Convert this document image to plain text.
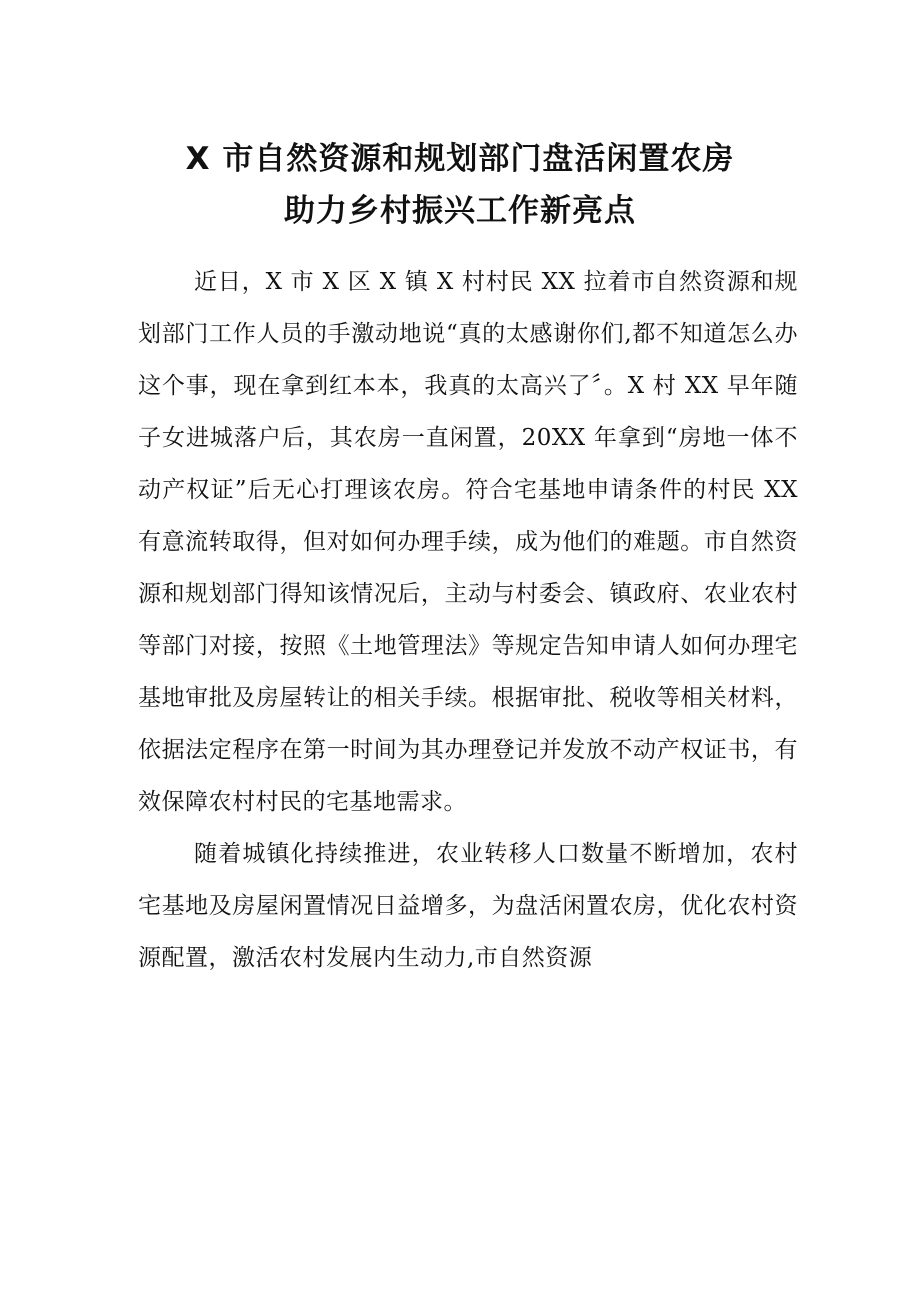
X 市自然资源和规划部门盘活闲置农房
助力乡村振兴工作新亮点

近日，X 市 X 区 X 镇 X 村村民 XX 拉着市自然资源和规划部门工作人员的手激动地说“真的太感谢你们,都不知道怎么办这个事，现在拿到红本本，我真的太高兴了〞。X 村 XX 早年随子女进城落户后，其农房一直闲置，20XX 年拿到“房地一体不动产权证”后无心打理该农房。符合宅基地申请条件的村民 XX 有意流转取得，但对如何办理手续，成为他们的难题。市自然资源和规划部门得知该情况后，主动与村委会、镇政府、农业农村等部门对接，按照《土地管理法》等规定告知申请人如何办理宅基地审批及房屋转让的相关手续。根据审批、税收等相关材料，依据法定程序在第一时间为其办理登记并发放不动产权证书，有效保障农村村民的宅基地需求。

随着城镇化持续推进，农业转移人口数量不断增加，农村宅基地及房屋闲置情况日益增多，为盘活闲置农房，优化农村资源配置，激活农村发展内生动力,市自然资源
